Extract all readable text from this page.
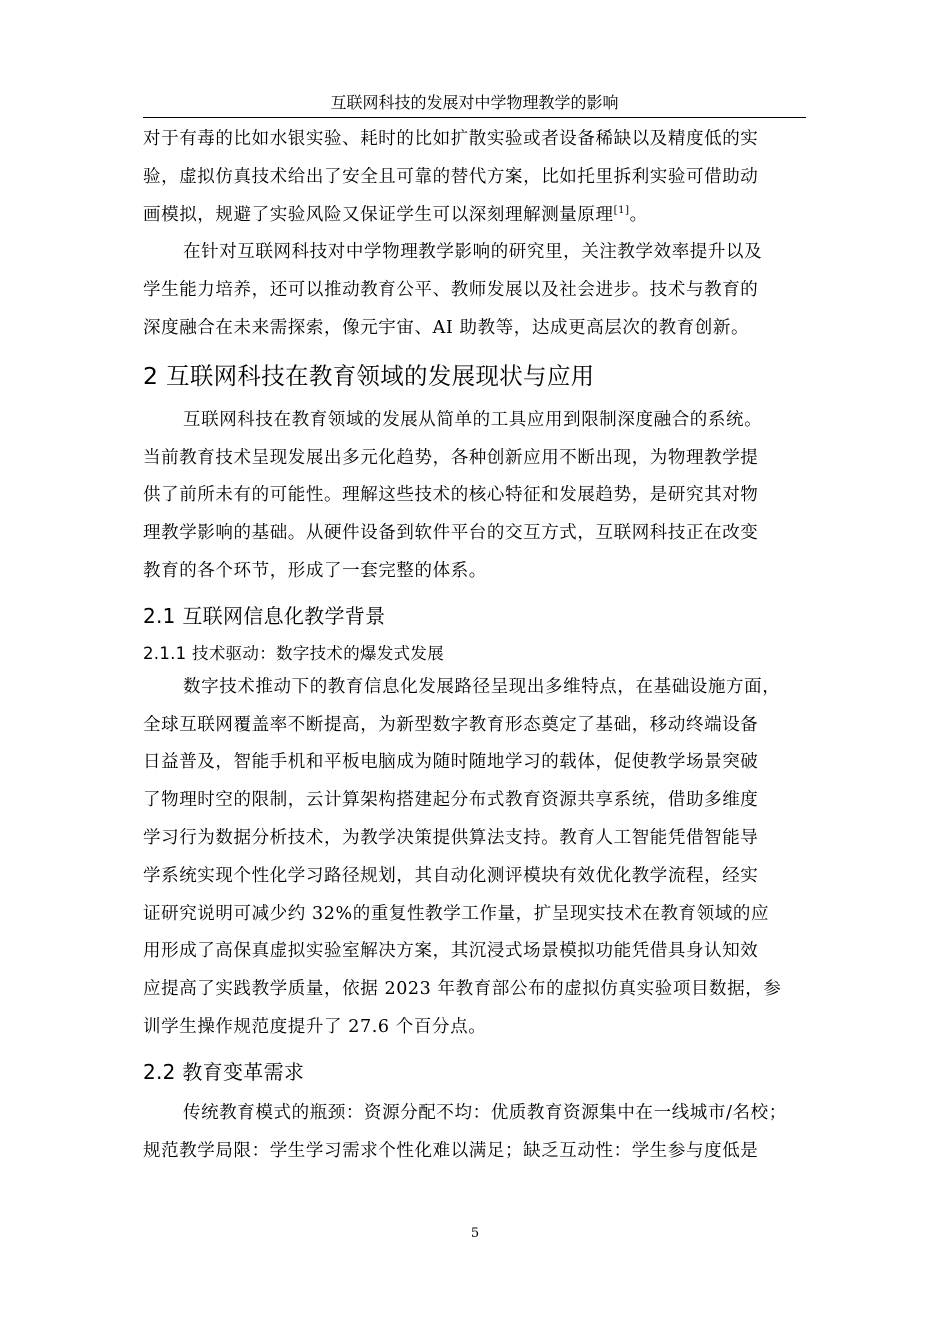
互联网科技的发展对中学物理教学的影响

对于有毒的比如水银实验、耗时的比如扩散实验或者设备稀缺以及精度低的实

验，虚拟仿真技术给出了安全且可靠的替代方案，比如托里拆利实验可借助动

画模拟，规避了实验风险又保证学生可以深刻理解测量原理[1]。

在针对互联网科技对中学物理教学影响的研究里，关注教学效率提升以及

学生能力培养，还可以推动教育公平、教师发展以及社会进步。技术与教育的

深度融合在未来需探索，像元宇宙、AI 助教等，达成更高层次的教育创新。

2 互联网科技在教育领域的发展现状与应用

互联网科技在教育领域的发展从简单的工具应用到限制深度融合的系统。

当前教育技术呈现发展出多元化趋势，各种创新应用不断出现，为物理教学提

供了前所未有的可能性。理解这些技术的核心特征和发展趋势，是研究其对物

理教学影响的基础。从硬件设备到软件平台的交互方式，互联网科技正在改变

教育的各个环节，形成了一套完整的体系。

2.1 互联网信息化教学背景
2.1.1 技术驱动：数字技术的爆发式发展

数字技术推动下的教育信息化发展路径呈现出多维特点，在基础设施方面，

全球互联网覆盖率不断提高，为新型数字教育形态奠定了基础，移动终端设备

日益普及，智能手机和平板电脑成为随时随地学习的载体，促使教学场景突破

了物理时空的限制，云计算架构搭建起分布式教育资源共享系统，借助多维度

学习行为数据分析技术，为教学决策提供算法支持。教育人工智能凭借智能导

学系统实现个性化学习路径规划，其自动化测评模块有效优化教学流程，经实

证研究说明可减少约 32%的重复性教学工作量，扩呈现实技术在教育领域的应

用形成了高保真虚拟实验室解决方案，其沉浸式场景模拟功能凭借具身认知效

应提高了实践教学质量，依据 2023 年教育部公布的虚拟仿真实验项目数据，参

训学生操作规范度提升了 27.6 个百分点。

2.2 教育变革需求

传统教育模式的瓶颈：资源分配不均：优质教育资源集中在一线城市/名校；

规范教学局限：学生学习需求个性化难以满足；缺乏互动性：学生参与度低是

5
